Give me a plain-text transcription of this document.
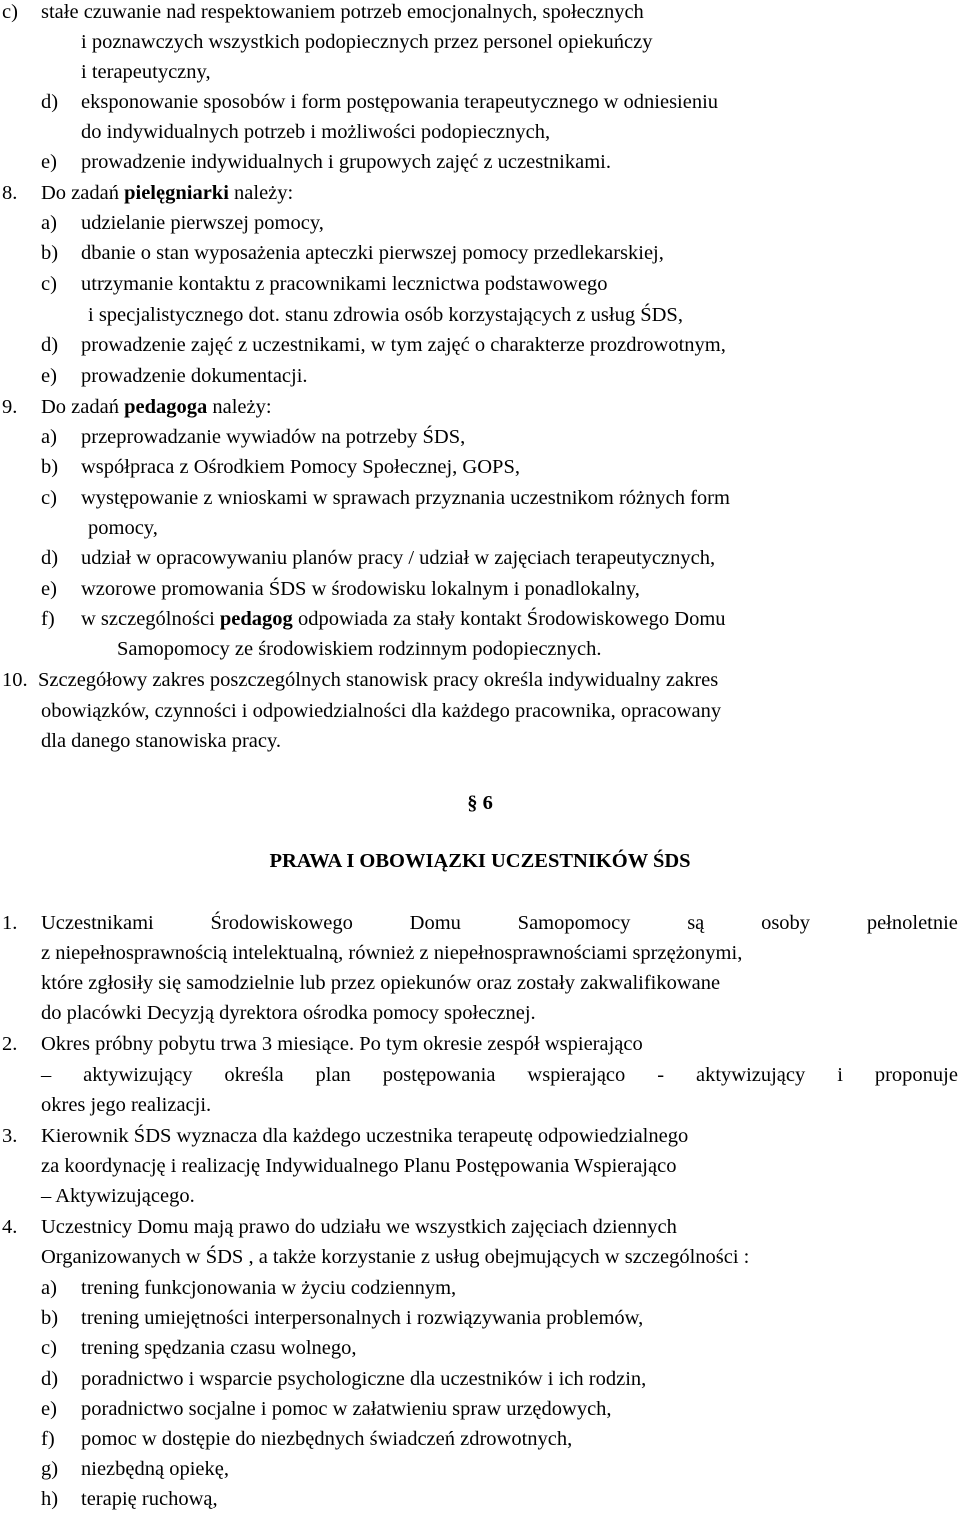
c) stałe czuwanie nad respektowaniem potrzeb emocjonalnych, społecznych
i poznawczych wszystkich podopiecznych przez personel opiekuńczy
i terapeutyczny,
d) eksponowanie sposobów i form postępowania terapeutycznego w odniesieniu
do indywidualnych potrzeb i możliwości podopiecznych,
e) prowadzenie indywidualnych i grupowych zajęć z uczestnikami.
8. Do zadań pielęgniarki należy:
a) udzielanie pierwszej pomocy,
b) dbanie o stan wyposażenia apteczki pierwszej pomocy przedlekarskiej,
c) utrzymanie kontaktu z pracownikami lecznictwa podstawowego
i specjalistycznego dot. stanu zdrowia osób korzystających z usług ŚDS,
d) prowadzenie zajęć z uczestnikami, w tym zajęć o charakterze prozdrowotnym,
e) prowadzenie dokumentacji.
9. Do zadań pedagoga należy:
a) przeprowadzanie wywiadów na potrzeby ŚDS,
b) współpraca z Ośrodkiem Pomocy Społecznej, GOPS,
c) występowanie z wnioskami w sprawach przyznania uczestnikom różnych form
pomocy,
d) udział w opracowywaniu planów pracy / udział w zajęciach terapeutycznych,
e) wzorowe promowania ŚDS w środowisku lokalnym i ponadlokalny,
f) w szczególności pedagog odpowiada za stały kontakt Środowiskowego Domu
Samopomocy ze środowiskiem rodzinnym podopiecznych.
10. Szczegółowy zakres poszczególnych stanowisk pracy określa indywidualny zakres
obowiązków, czynności i odpowiedzialności dla każdego pracownika, opracowany
dla danego stanowiska pracy.
§ 6
PRAWA I OBOWIĄZKI UCZESTNIKÓW ŚDS
1. Uczestnikami	Środowiskowego	Domu	Samopomocy	są	osoby	pełnoletnie
z niepełnosprawnością intelektualną, również z niepełnosprawnościami sprzężonymi,
które zgłosiły się samodzielnie lub przez opiekunów oraz zostały zakwalifikowane
do placówki Decyzją dyrektora ośrodka pomocy społecznej.
2. Okres próbny pobytu trwa 3 miesiące. Po tym okresie zespół wspierająco
– aktywizujący określa plan postępowania wspierająco - aktywizujący i proponuje
okres jego realizacji.
3. Kierownik ŚDS wyznacza dla każdego uczestnika terapeutę odpowiedzialnego
za koordynację i realizację Indywidualnego Planu Postępowania Wspierająco
– Aktywizującego.
4. Uczestnicy Domu mają prawo do udziału we wszystkich zajęciach dziennych
Organizowanych w ŚDS , a także korzystanie z usług obejmujących w szczególności :
a) trening funkcjonowania w życiu codziennym,
b) trening umiejętności interpersonalnych i rozwiązywania problemów,
c) trening spędzania czasu wolnego,
d) poradnictwo i wsparcie psychologiczne dla uczestników i ich rodzin,
e) poradnictwo socjalne i pomoc w załatwieniu spraw urzędowych,
f) pomoc w dostępie do niezbędnych świadczeń zdrowotnych,
g) niezbędną opiekę,
h) terapię ruchową,
